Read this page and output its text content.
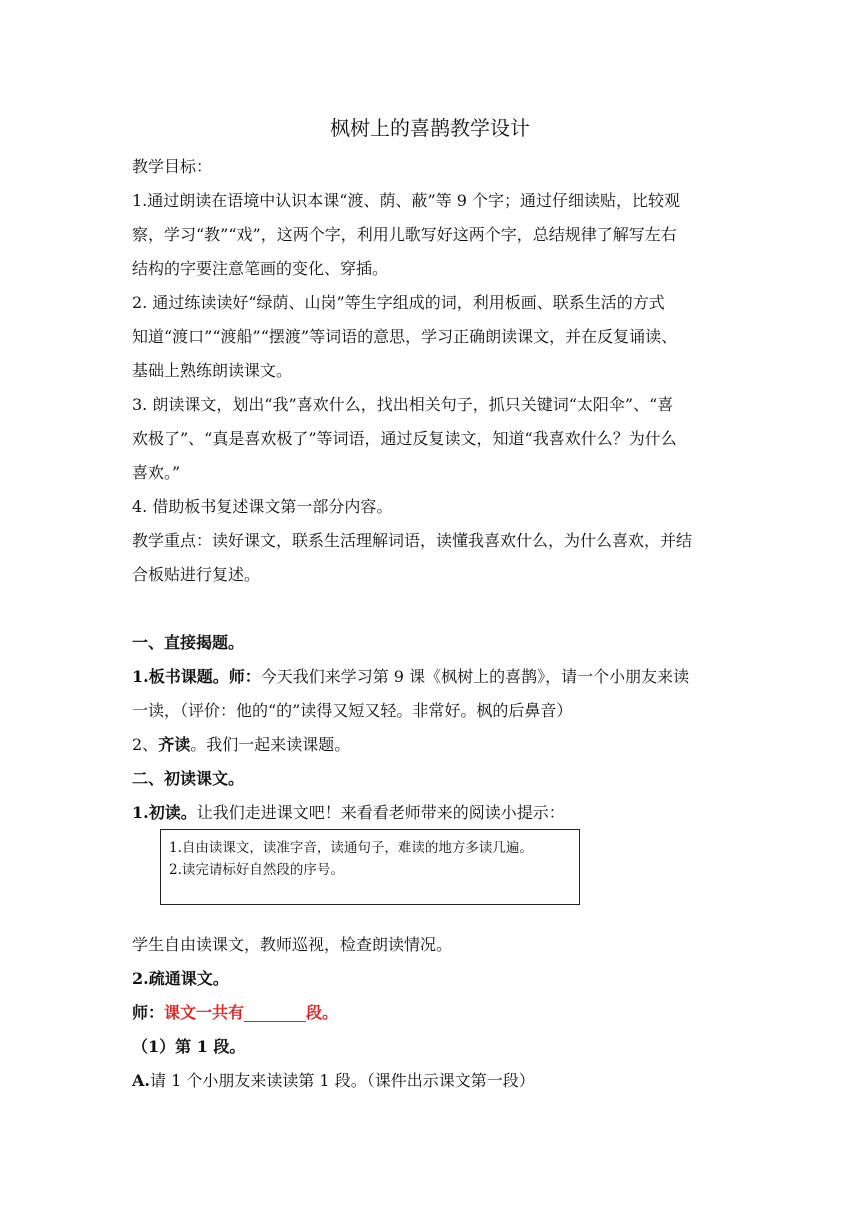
枫树上的喜鹊教学设计
教学目标：
1.通过朗读在语境中认识本课“渡、荫、蔽”等 9 个字；通过仔细读贴，比较观
察，学习“教”“戏”，这两个字，利用儿歌写好这两个字，总结规律了解写左右
结构的字要注意笔画的变化、穿插。
2. 通过练读读好“绿荫、山岗”等生字组成的词，利用板画、联系生活的方式
知道“渡口”“渡船”“摆渡”等词语的意思，学习正确朗读课文，并在反复诵读、
基础上熟练朗读课文。
3. 朗读课文，划出“我”喜欢什么，找出相关句子，抓只关键词“太阳伞”、“喜
欢极了”、“真是喜欢极了”等词语，通过反复读文，知道“我喜欢什么？为什么
喜欢。”
4. 借助板书复述课文第一部分内容。
教学重点：读好课文，联系生活理解词语，读懂我喜欢什么，为什么喜欢，并结
合板贴进行复述。
一、直接揭题。
1.板书课题。师：今天我们来学习第 9 课《枫树上的喜鹊》，请一个小朋友来读
一读，（评价：他的“的”读得又短又轻。非常好。枫的后鼻音）
2、齐读。我们一起来读课题。
二、初读课文。
1.初读。让我们走进课文吧！来看看老师带来的阅读小提示：
1.自由读课文，读准字音，读通句子，难读的地方多读几遍。
2.读完请标好自然段的序号。
学生自由读课文，教师巡视，检查朗读情况。
2.疏通课文。
师：课文一共有	段。
（1）第 1 段。
A.请 1 个小朋友来读读第 1 段。（课件出示课文第一段）
